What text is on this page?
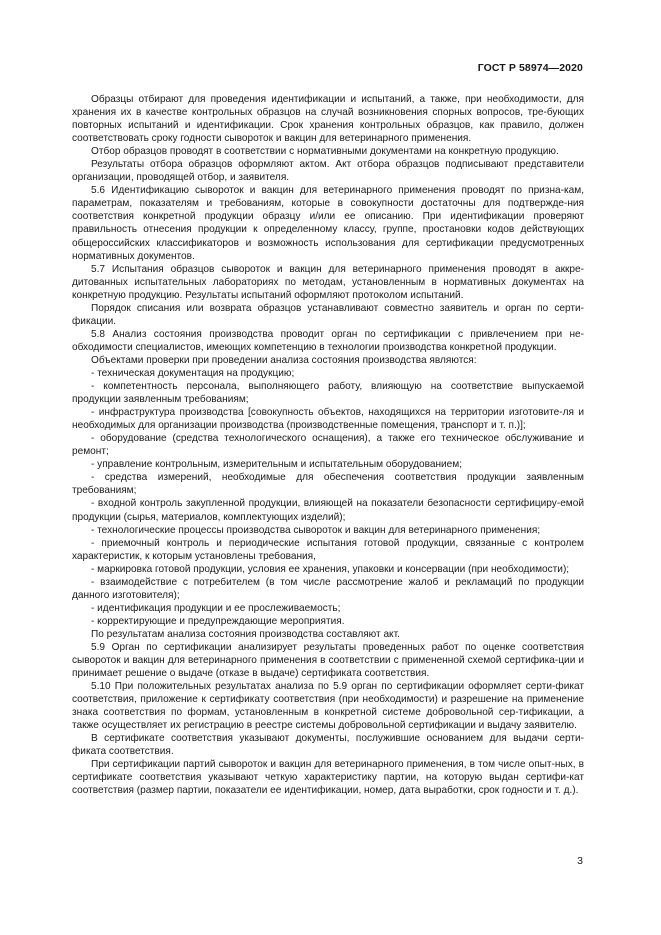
ГОСТ Р 58974—2020

Образцы отбирают для проведения идентификации и испытаний, а также, при необходимости, для хранения их в качестве контрольных образцов на случай возникновения спорных вопросов, тре-бующих повторных испытаний и идентификации. Срок хранения контрольных образцов, как правило, должен соответствовать сроку годности сывороток и вакцин для ветеринарного применения.

Отбор образцов проводят в соответствии с нормативными документами на конкретную продукцию.

Результаты отбора образцов оформляют актом. Акт отбора образцов подписывают представители организации, проводящей отбор, и заявителя.

5.6 Идентификацию сывороток и вакцин для ветеринарного применения проводят по призна-кам, параметрам, показателям и требованиям, которые в совокупности достаточны для подтвержде-ния соответствия конкретной продукции образцу и/или ее описанию. При идентификации проверяют правильность отнесения продукции к определенному классу, группе, простановки кодов действующих общероссийских классификаторов и возможность использования для сертификации предусмотренных нормативных документов.

5.7 Испытания образцов сывороток и вакцин для ветеринарного применения проводят в аккре-дитованных испытательных лабораториях по методам, установленным в нормативных документах на конкретную продукцию. Результаты испытаний оформляют протоколом испытаний.

Порядок списания или возврата образцов устанавливают совместно заявитель и орган по серти-фикации.

5.8 Анализ состояния производства проводит орган по сертификации с привлечением при не-обходимости специалистов, имеющих компетенцию в технологии производства конкретной продукции.

Объектами проверки при проведении анализа состояния производства являются:

- техническая документация на продукцию;

- компетентность персонала, выполняющего работу, влияющую на соответствие выпускаемой продукции заявленным требованиям;

- инфраструктура производства [совокупность объектов, находящихся на территории изготовите-ля и необходимых для организации производства (производственные помещения, транспорт и т. п.)];

- оборудование (средства технологического оснащения), а также его техническое обслуживание и ремонт;

- управление контрольным, измерительным и испытательным оборудованием;

- средства измерений, необходимые для обеспечения соответствия продукции заявленным требованиям;

- входной контроль закупленной продукции, влияющей на показатели безопасности сертифициру-емой продукции (сырья, материалов, комплектующих изделий);

- технологические процессы производства сывороток и вакцин для ветеринарного применения;

- приемочный контроль и периодические испытания готовой продукции, связанные с контролем характеристик, к которым установлены требования,

- маркировка готовой продукции, условия ее хранения, упаковки и консервации (при необходимости);

- взаимодействие с потребителем (в том числе рассмотрение жалоб и рекламаций по продукции данного изготовителя);

- идентификация продукции и ее прослеживаемость;

- корректирующие и предупреждающие мероприятия.

По результатам анализа состояния производства составляют акт.

5.9 Орган по сертификации анализирует результаты проведенных работ по оценке соответствия сывороток и вакцин для ветеринарного применения в соответствии с примененной схемой сертифика-ции и принимает решение о выдаче (отказе в выдаче) сертификата соответствия.

5.10 При положительных результатах анализа по 5.9 орган по сертификации оформляет серти-фикат соответствия, приложение к сертификату соответствия (при необходимости) и разрешение на применение знака соответствия по формам, установленным в конкретной системе добровольной сер-тификации, а также осуществляет их регистрацию в реестре системы добровольной сертификации и выдачу заявителю.

В сертификате соответствия указывают документы, послужившие основанием для выдачи серти-фиката соответствия.

При сертификации партий сывороток и вакцин для ветеринарного применения, в том числе опыт-ных, в сертификате соответствия указывают четкую характеристику партии, на которую выдан сертифи-кат соответствия (размер партии, показатели ее идентификации, номер, дата выработки, срок годности и т. д.).

3
